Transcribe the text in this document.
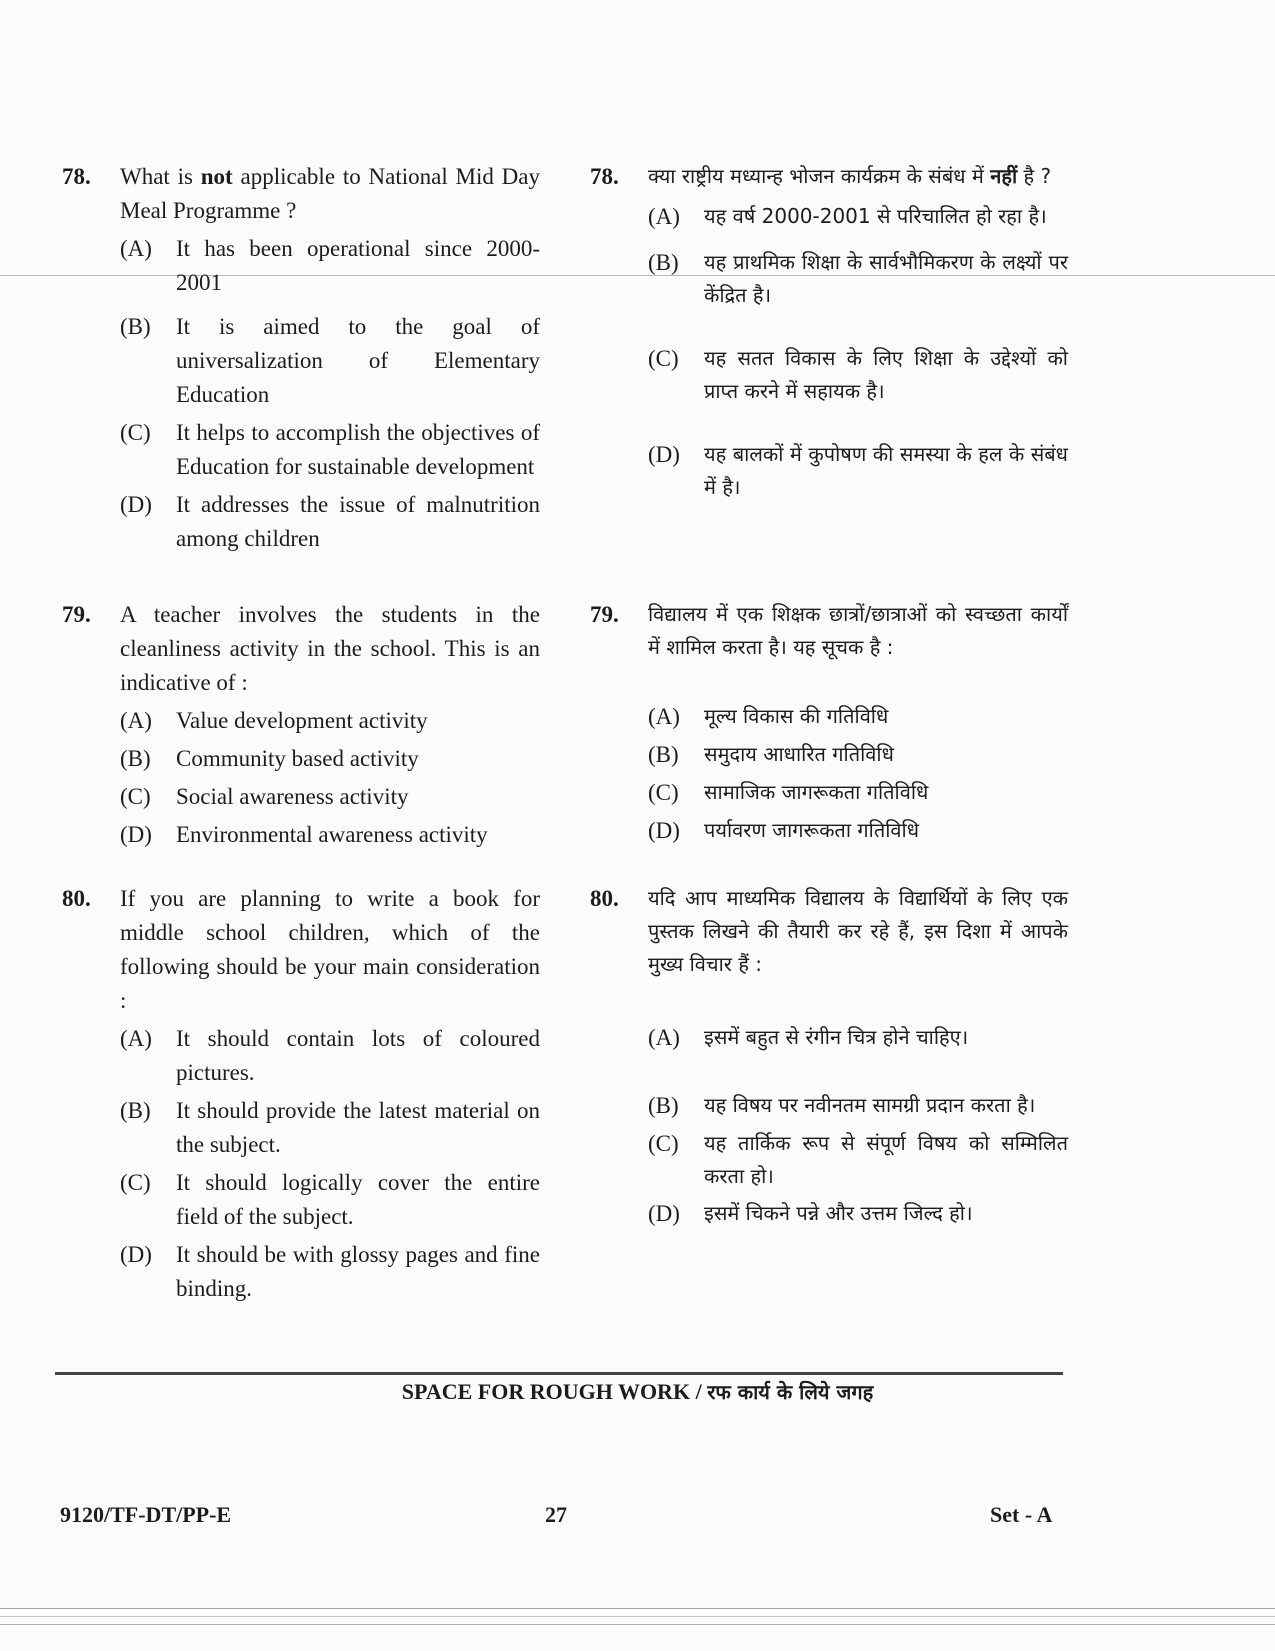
78.	What is not applicable to National Mid Day Meal Programme ?
(A)	It has been operational since 2000-2001
(B)	It is aimed to the goal of universalization of Elementary Education
(C)	It helps to accomplish the objectives of Education for sustainable development
(D)	It addresses the issue of malnutrition among children
79.	A teacher involves the students in the cleanliness activity in the school. This is an indicative of :
(A)	Value development activity
(B)	Community based activity
(C)	Social awareness activity
(D)	Environmental awareness activity
80.	If you are planning to write a book for middle school children, which of the following should be your main consideration :
(A)	It should contain lots of coloured pictures.
(B)	It should provide the latest material on the subject.
(C)	It should logically cover the entire field of the subject.
(D)	It should be with glossy pages and fine binding.
78.	क्या राष्ट्रीय मध्यान्ह भोजन कार्यक्रम के संबंध में नहीं है ?
(A)	यह वर्ष 2000-2001 से परिचालित हो रहा है।
(B)	यह प्राथमिक शिक्षा के सार्वभौमिकरण के लक्ष्यों पर केंद्रित है।
(C)	यह सतत विकास के लिए शिक्षा के उद्देश्यों को प्राप्त करने में सहायक है।
(D)	यह बालकों में कुपोषण की समस्या के हल के संबंध में है।
79.	विद्यालय में एक शिक्षक छात्रों/छात्राओं को स्वच्छता कार्यों में शामिल करता है। यह सूचक है :
(A)	मूल्य विकास की गतिविधि
(B)	समुदाय आधारित गतिविधि
(C)	सामाजिक जागरूकता गतिविधि
(D)	पर्यावरण जागरूकता गतिविधि
80.	यदि आप माध्यमिक विद्यालय के विद्यार्थियों के लिए एक पुस्तक लिखने की तैयारी कर रहे हैं, इस दिशा में आपके मुख्य विचार हैं :
(A)	इसमें बहुत से रंगीन चित्र होने चाहिए।
(B)	यह विषय पर नवीनतम सामग्री प्रदान करता है।
(C)	यह तार्किक रूप से संपूर्ण विषय को सम्मिलित करता हो।
(D)	इसमें चिकने पन्ने और उत्तम जिल्द हो।
SPACE FOR ROUGH WORK / रफ कार्य के लिये जगह
9120/TF-DT/PP-E	27	Set - A
